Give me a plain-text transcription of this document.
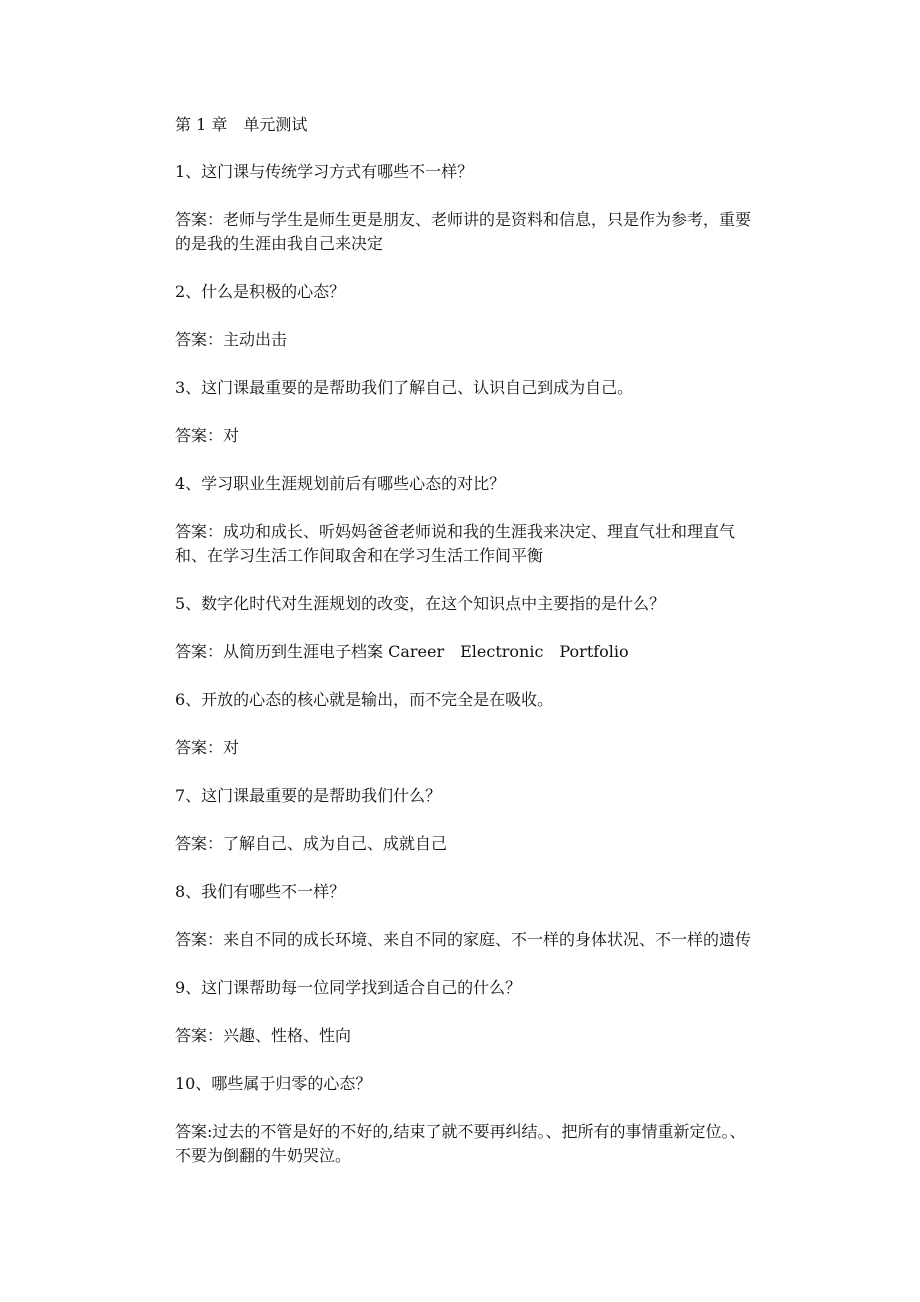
第 1 章　单元测试

1、这门课与传统学习方式有哪些不一样？

答案：老师与学生是师生更是朋友、老师讲的是资料和信息，只是作为参考，重要
的是我的生涯由我自己来决定

2、什么是积极的心态？

答案：主动出击

3、这门课最重要的是帮助我们了解自己、认识自己到成为自己。

答案：对

4、学习职业生涯规划前后有哪些心态的对比？

答案：成功和成长、听妈妈爸爸老师说和我的生涯我来决定、理直气壮和理直气
和、在学习生活工作间取舍和在学习生活工作间平衡

5、数字化时代对生涯规划的改变，在这个知识点中主要指的是什么？

答案：从简历到生涯电子档案 Career　Electronic　Portfolio

6、开放的心态的核心就是输出，而不完全是在吸收。

答案：对

7、这门课最重要的是帮助我们什么？

答案：了解自己、成为自己、成就自己

8、我们有哪些不一样？

答案：来自不同的成长环境、来自不同的家庭、不一样的身体状况、不一样的遗传

9、这门课帮助每一位同学找到适合自己的什么？

答案：兴趣、性格、性向

10、哪些属于归零的心态？

答案:过去的不管是好的不好的,结束了就不要再纠结。、把所有的事情重新定位。、
不要为倒翻的牛奶哭泣。
